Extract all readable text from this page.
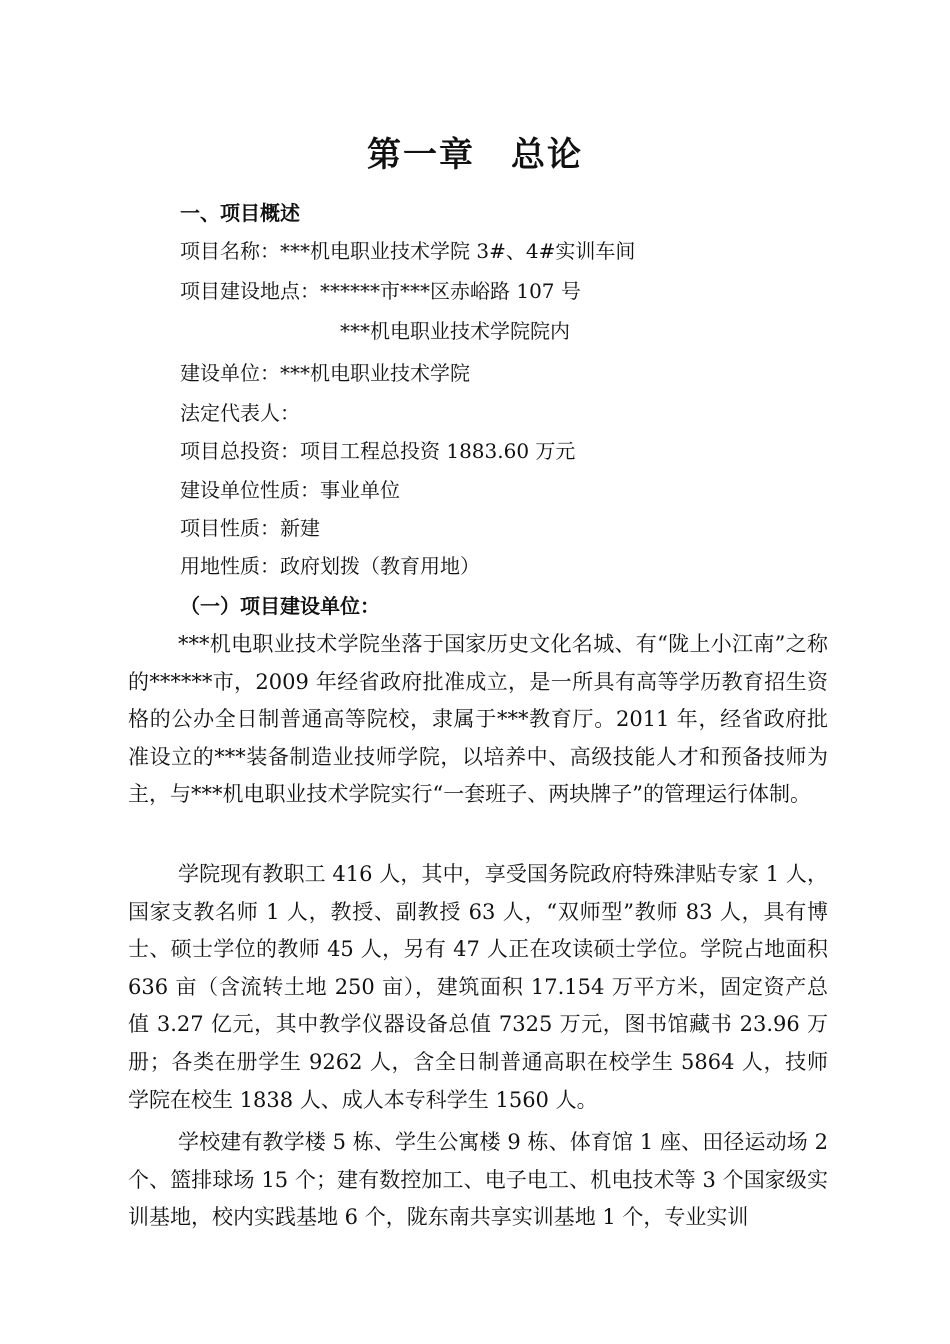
第一章　总论
一、项目概述
项目名称：***机电职业技术学院 3#、4#实训车间
项目建设地点：******市***区赤峪路 107 号
***机电职业技术学院院内
建设单位：***机电职业技术学院
法定代表人：
项目总投资：项目工程总投资 1883.60 万元
建设单位性质：事业单位
项目性质：新建
用地性质：政府划拨（教育用地）
（一）项目建设单位：

***机电职业技术学院坐落于国家历史文化名城、有“陇上小江南”之称的******市，2009 年经省政府批准成立，是一所具有高等学历教育招生资格的公办全日制普通高等院校，隶属于***教育厅。2011 年，经省政府批准设立的***装备制造业技师学院，以培养中、高级技能人才和预备技师为主，与***机电职业技术学院实行“一套班子、两块牌子”的管理运行体制。

学院现有教职工 416 人，其中，享受国务院政府特殊津贴专家 1 人，国家支教名师 1 人，教授、副教授 63 人，“双师型”教师 83 人，具有博士、硕士学位的教师 45 人，另有 47 人正在攻读硕士学位。学院占地面积 636 亩（含流转土地 250 亩），建筑面积 17.154 万平方米，固定资产总值 3.27 亿元，其中教学仪器设备总值 7325 万元，图书馆藏书 23.96 万册；各类在册学生 9262 人，含全日制普通高职在校学生 5864 人，技师学院在校生 1838 人、成人本专科学生 1560 人。

学校建有教学楼 5 栋、学生公寓楼 9 栋、体育馆 1 座、田径运动场 2 个、篮排球场 15 个；建有数控加工、电子电工、机电技术等 3 个国家级实训基地，校内实践基地 6 个，陇东南共享实训基地 1 个，专业实训
